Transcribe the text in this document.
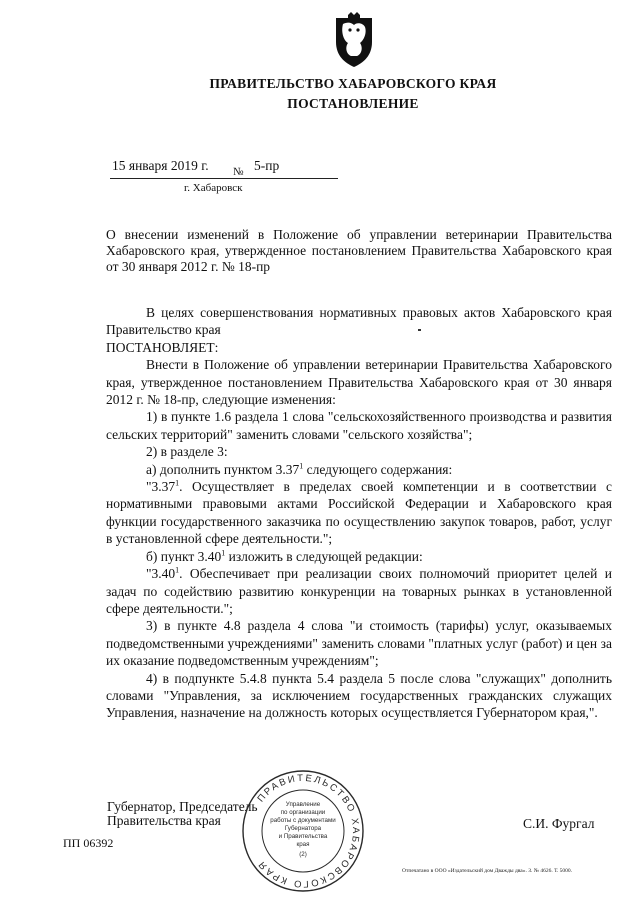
ПРАВИТЕЛЬСТВО ХАБАРОВСКОГО КРАЯ
ПОСТАНОВЛЕНИЕ
15 января 2019 г. № 5-пр
г. Хабаровск
О внесении изменений в Положение об управлении ветеринарии Правительства Хабаровского края, утвержденное постановлением Правительства Хабаровского края от 30 января 2012 г. № 18-пр

В целях совершенствования нормативных правовых актов Хабаровского края Правительство края

ПОСТАНОВЛЯЕТ:

Внести в Положение об управлении ветеринарии Правительства Хабаровского края, утвержденное постановлением Правительства Хабаровского края от 30 января 2012 г. № 18-пр, следующие изменения:

1) в пункте 1.6 раздела 1 слова "сельскохозяйственного производства и развития сельских территорий" заменить словами "сельского хозяйства";

2) в разделе 3:

а) дополнить пунктом 3.37$^1$ следующего содержания:

"3.37$^1$. Осуществляет в пределах своей компетенции и в соответствии с нормативными правовыми актами Российской Федерации и Хабаровского края функции государственного заказчика по осуществлению закупок товаров, работ, услуг в установленной сфере деятельности.";

б) пункт 3.40$^1$ изложить в следующей редакции:

"3.40$^1$. Обеспечивает при реализации своих полномочий приоритет целей и задач по содействию развитию конкуренции на товарных рынках в установленной сфере деятельности.";

3) в пункте 4.8 раздела 4 слова "и стоимость (тарифы) услуг, оказываемых подведомственными учреждениями" заменить словами "платных услуг (работ) и цен за их оказание подведомственным учреждениям";

4) в подпункте 5.4.8 пункта 5.4 раздела 5 после слова "служащих" дополнить словами "Управления, за исключением государственных гражданских служащих Управления, назначение на должность которых осуществляется Губернатором края,".

Губернатор, Председатель
Правительства края	С.И. Фургал
ПП 06392
ПРАВИТЕЛЬСТВО ХАБАРОВСКОГО КРАЯ
Управление
по организации
работы с документами
Губернатора
и Правительства
края
(2)
Отпечатано в ООО «Издательский дом Дважды два». З. № 4626. Т. 5000.
